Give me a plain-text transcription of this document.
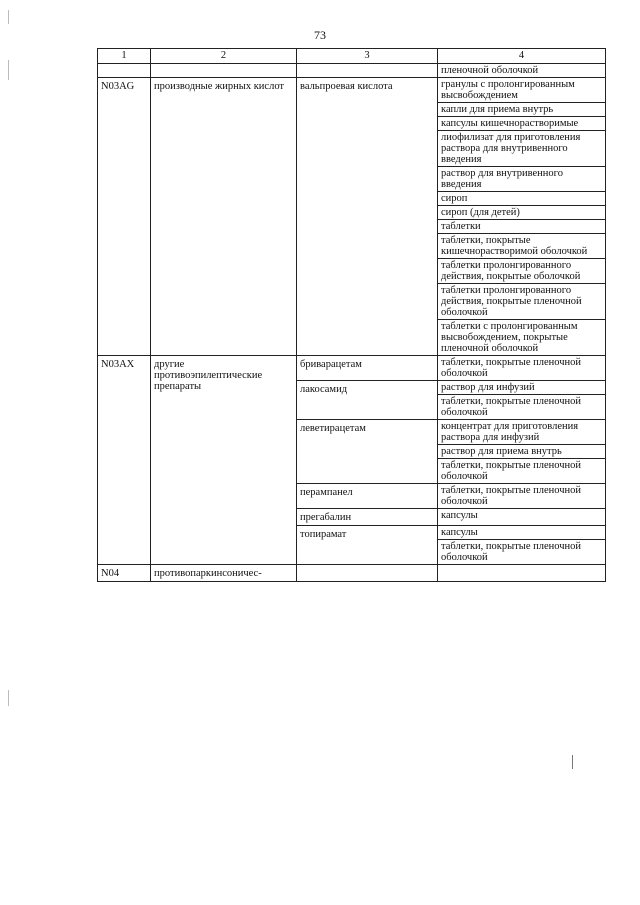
73
1	2	3	4
			пленочной оболочкой
N03AG	производные жирных кислот	вальпроевая кислота	гранулы с пролонгированным высвобождением
			капли для приема внутрь
			капсулы кишечнорастворимые
			лиофилизат для приготовления раствора для внутривенного введения
			раствор для внутривенного введения
			сироп
			сироп (для детей)
			таблетки
			таблетки, покрытые кишечнорастворимой оболочкой
			таблетки пролонгированного действия, покрытые оболочкой
			таблетки пролонгированного действия, покрытые пленочной оболочкой
			таблетки с пролонгированным высвобождением, покрытые пленочной оболочкой
N03AX	другие противоэпилептические препараты	бриварацетам	таблетки, покрытые пленочной оболочкой
		лакосамид	раствор для инфузий
			таблетки, покрытые пленочной оболочкой
		леветирацетам	концентрат для приготовления раствора для инфузий
			раствор для приема внутрь
			таблетки, покрытые пленочной оболочкой
		перампанел	таблетки, покрытые пленочной оболочкой
		прегабалин	капсулы
		топирамат	капсулы
			таблетки, покрытые пленочной оболочкой
N04	противопаркинсоничес-		
